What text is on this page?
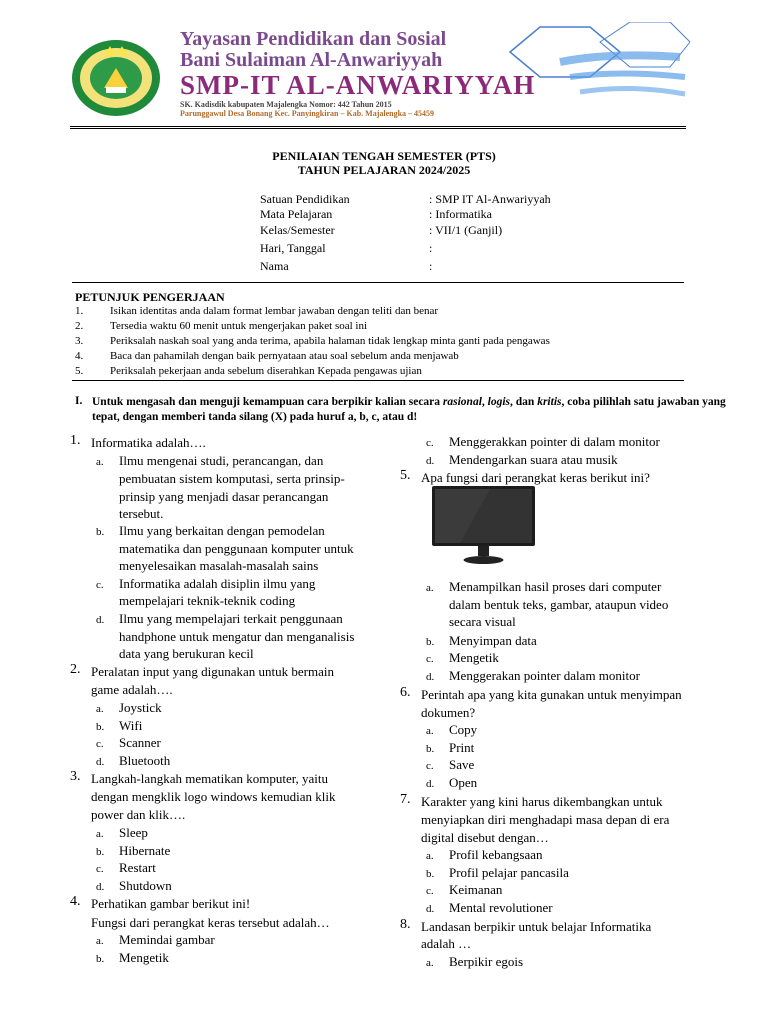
Yayasan Pendidikan dan Sosial
Bani Sulaiman Al-Anwariyyah
SMP-IT AL-ANWARIYYAH
SK. Kadisdik kabupaten Majalengka Nomor: 442 Tahun 2015
Parunggawul Desa Bonang Kec. Panyingkiran – Kab. Majalengka – 45459
PENILAIAN TENGAH SEMESTER (PTS)
TAHUN PELAJARAN 2024/2025
Satuan Pendidikan	: SMP IT Al-Anwariyyah
Mata Pelajaran	: Informatika
Kelas/Semester	: VII/1 (Ganjil)
Hari, Tanggal	:
Nama	:
PETUNJUK PENGERJAAN
1. Isikan identitas anda dalam format lembar jawaban dengan teliti dan benar
2. Tersedia waktu 60 menit untuk mengerjakan paket soal ini
3. Periksalah naskah soal yang anda terima, apabila halaman tidak lengkap minta ganti pada pengawas
4. Baca dan pahamilah dengan baik pernyataan atau soal sebelum anda menjawab
5. Periksalah pekerjaan anda sebelum diserahkan Kepada pengawas ujian
I. Untuk mengasah dan menguji kemampuan cara berpikir kalian secara rasional, logis, dan kritis, coba pilihlah satu jawaban yang tepat, dengan memberi tanda silang (X) pada huruf a, b, c, atau d!
1. Informatika adalah….
a. Ilmu mengenai studi, perancangan, dan
pembuatan sistem komputasi, serta prinsip-
prinsip yang menjadi dasar perancangan
tersebut.
b. Ilmu yang berkaitan dengan pemodelan
matematika dan penggunaan komputer untuk
menyelesaikan masalah-masalah sains
c. Informatika adalah disiplin ilmu yang
mempelajari teknik-teknik coding
d. Ilmu yang mempelajari terkait penggunaan
handphone untuk mengatur dan menganalisis
data yang berukuran kecil
2. Peralatan input yang digunakan untuk bermain
game adalah….
a. Joystick
b. Wifi
c. Scanner
d. Bluetooth
3. Langkah-langkah mematikan komputer, yaitu
dengan mengklik logo windows kemudian klik
power dan klik….
a. Sleep
b. Hibernate
c. Restart
d. Shutdown
4. Perhatikan gambar berikut ini!
Fungsi dari perangkat keras tersebut adalah…
a. Memindai gambar
b. Mengetik
c. Menggerakkan pointer di dalam monitor
d. Mendengarkan suara atau musik
5. Apa fungsi dari perangkat keras berikut ini?
a. Menampilkan hasil proses dari computer
dalam bentuk teks, gambar, ataupun video
secara visual
b. Menyimpan data
c. Mengetik
d. Menggerakan pointer dalam monitor
6. Perintah apa yang kita gunakan untuk menyimpan
dokumen?
a. Copy
b. Print
c. Save
d. Open
7. Karakter yang kini harus dikembangkan untuk
menyiapkan diri menghadapi masa depan di era
digital disebut dengan…
a. Profil kebangsaan
b. Profil pelajar pancasila
c. Keimanan
d. Mental revolutioner
8. Landasan berpikir untuk belajar Informatika
adalah …
a. Berpikir egois
